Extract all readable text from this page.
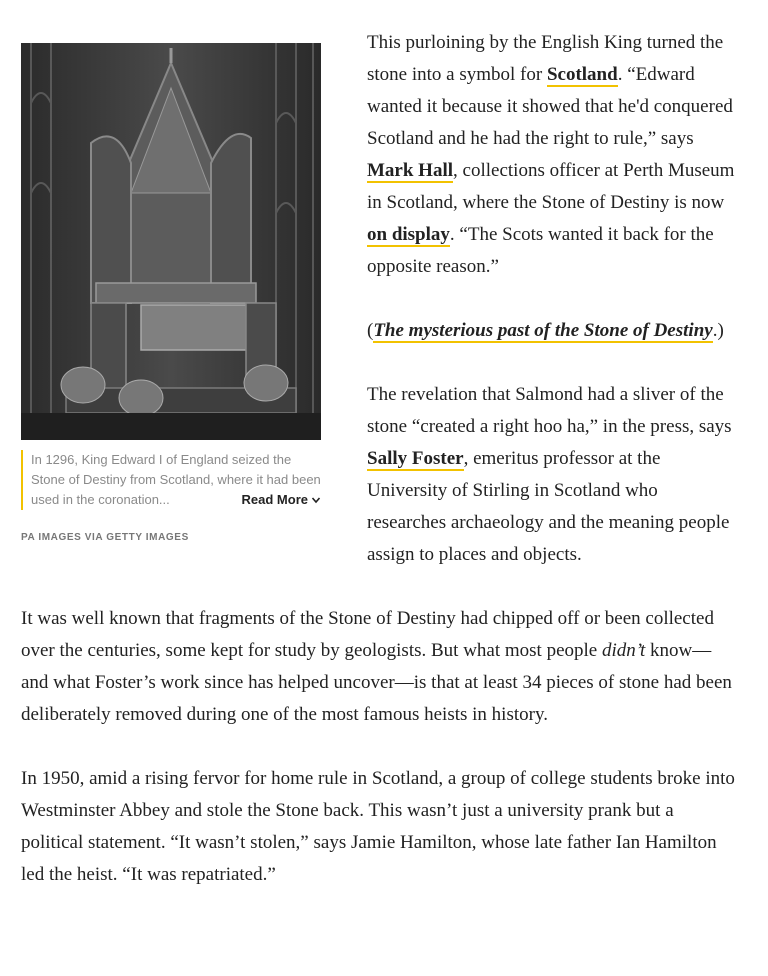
In 1296, King Edward I of England seized the Stone of Destiny from Scotland, where it had been used in the coronation...	Read More
PA IMAGES VIA GETTY IMAGES

This purloining by the English King turned the stone into a symbol for Scotland. “Edward wanted it because it showed that he'd conquered Scotland and he had the right to rule,” says Mark Hall, collections officer at Perth Museum in Scotland, where the Stone of Destiny is now on display. “The Scots wanted it back for the opposite reason.”

(The mysterious past of the Stone of Destiny.)

The revelation that Salmond had a sliver of the stone “created a right hoo ha,” in the press, says Sally Foster, emeritus professor at the University of Stirling in Scotland who researches archaeology and the meaning people assign to places and objects.

It was well known that fragments of the Stone of Destiny had chipped off or been collected over the centuries, some kept for study by geologists. But what most people didn’t know—and what Foster’s work since has helped uncover—is that at least 34 pieces of stone had been deliberately removed during one of the most famous heists in history.

In 1950, amid a rising fervor for home rule in Scotland, a group of college students broke into Westminster Abbey and stole the Stone back. This wasn’t just a university prank but a political statement. “It wasn’t stolen,” says Jamie Hamilton, whose late father Ian Hamilton led the heist. “It was repatriated.”
